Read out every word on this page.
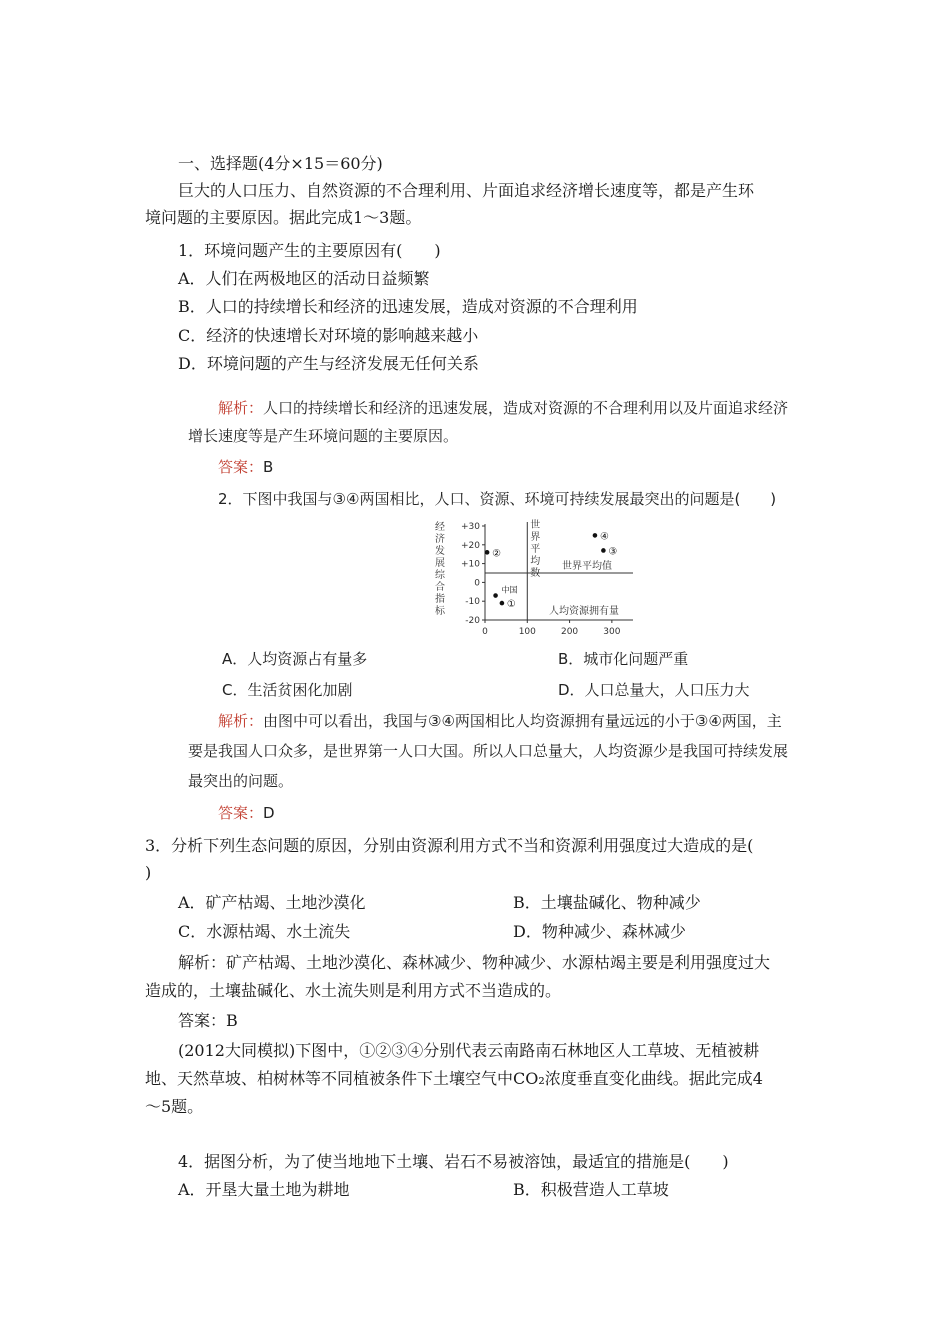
一、选择题(4分×15＝60分)
巨大的人口压力、自然资源的不合理利用、片面追求经济增长速度等，都是产生环
境问题的主要原因。据此完成1～3题。
1．环境问题产生的主要原因有(　　)
A．人们在两极地区的活动日益频繁
B．人口的持续增长和经济的迅速发展，造成对资源的不合理利用
C．经济的快速增长对环境的影响越来越小
D．环境问题的产生与经济发展无任何关系
解析：人口的持续增长和经济的迅速发展，造成对资源的不合理利用以及片面追求经济
增长速度等是产生环境问题的主要原因。
答案：B
2．下图中我国与③④两国相比，人口、资源、环境可持续发展最突出的问题是(　　)
+30
+20
+10
0
-10
-20
0	100	200	300
经
济
发
展
综
合
指
标
世
界
平
均
数
世界平均值
人均资源拥有量
②
中国
①
④
③
A．人均资源占有量多	B．城市化问题严重
C．生活贫困化加剧	D．人口总量大，人口压力大
解析：由图中可以看出，我国与③④两国相比人均资源拥有量远远的小于③④两国，主
要是我国人口众多，是世界第一人口大国。所以人口总量大，人均资源少是我国可持续发展
最突出的问题。
答案：D
3．分析下列生态问题的原因，分别由资源利用方式不当和资源利用强度过大造成的是(
)
A．矿产枯竭、土地沙漠化	B．土壤盐碱化、物种减少
C．水源枯竭、水土流失	D．物种减少、森林减少
解析：矿产枯竭、土地沙漠化、森林减少、物种减少、水源枯竭主要是利用强度过大
造成的，土壤盐碱化、水土流失则是利用方式不当造成的。
答案：B
(2012大同模拟)下图中，①②③④分别代表云南路南石林地区人工草坡、无植被耕
地、天然草坡、柏树林等不同植被条件下土壤空气中CO₂浓度垂直变化曲线。据此完成4
～5题。
4．据图分析，为了使当地地下土壤、岩石不易被溶蚀，最适宜的措施是(　　)
A．开垦大量土地为耕地	B．积极营造人工草坡
